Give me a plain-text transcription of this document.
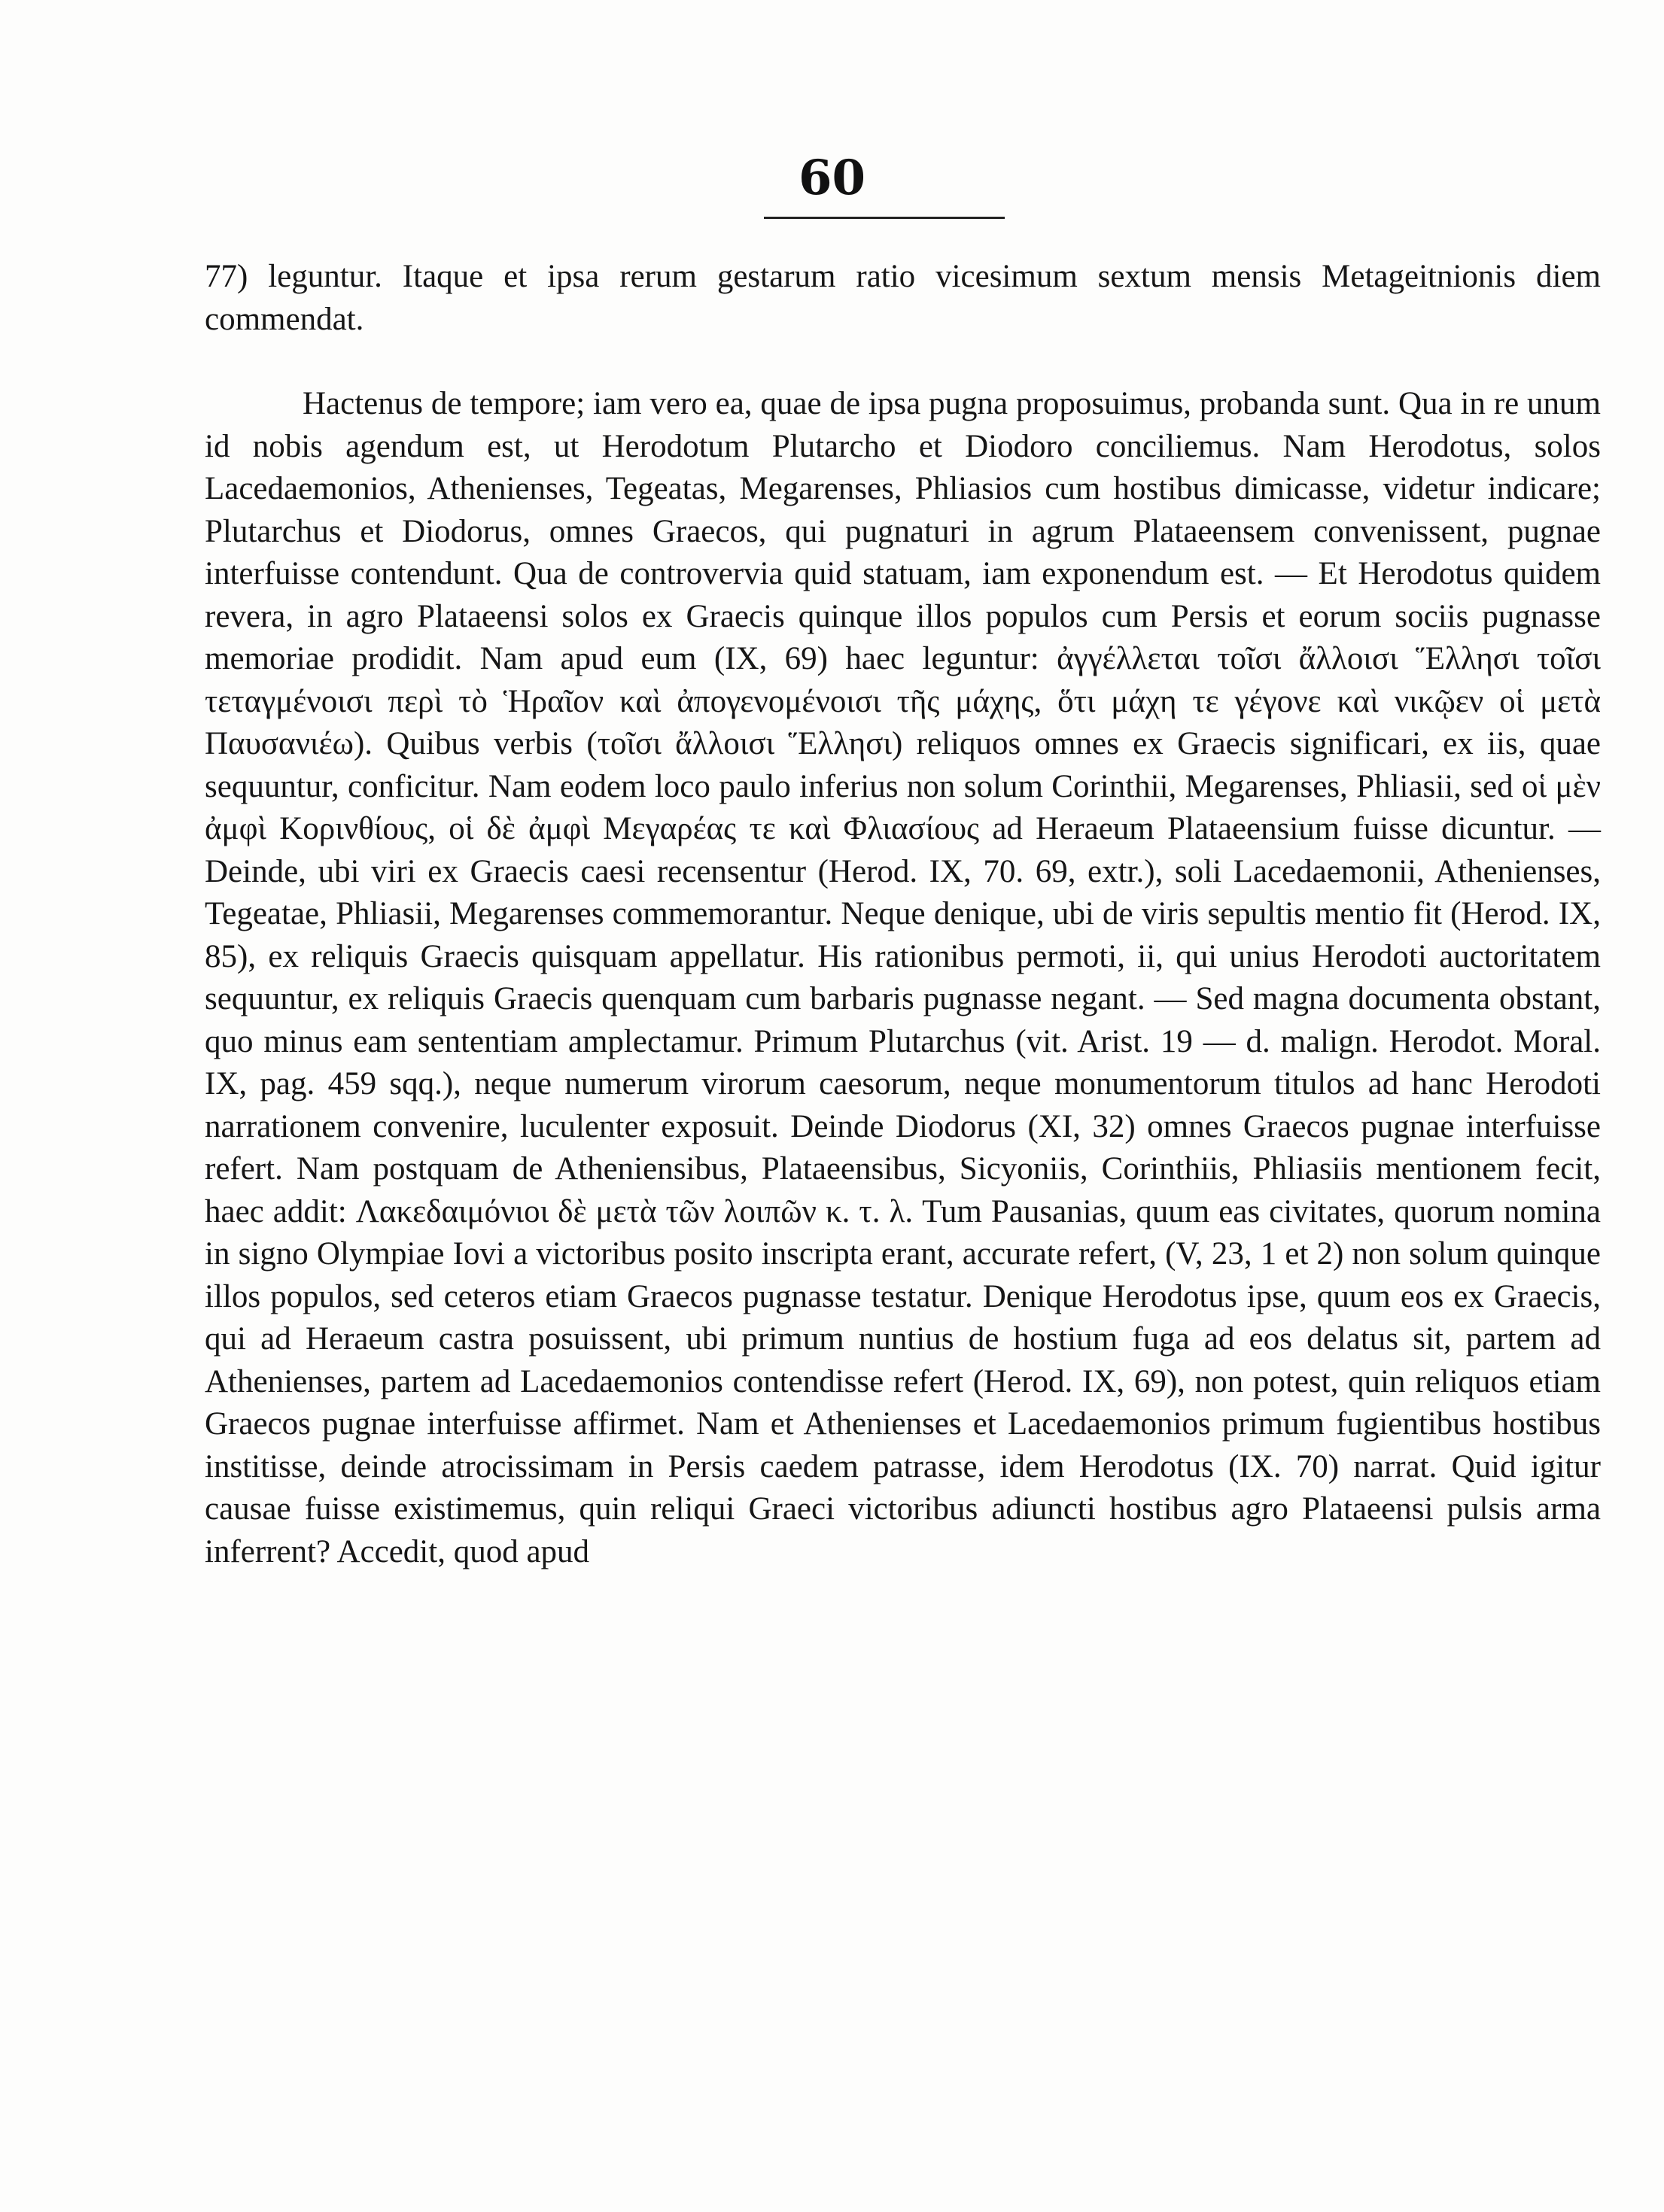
60

77) leguntur. Itaque et ipsa rerum gestarum ratio vicesimum sextum mensis Metageitnionis diem commendat.

Hactenus de tempore; iam vero ea, quae de ipsa pugna proposuimus, probanda sunt. Qua in re unum id nobis agendum est, ut Herodotum Plutarcho et Diodoro conciliemus. Nam Herodotus, solos Lacedaemonios, Athenienses, Tegeatas, Megarenses, Phliasios cum hostibus dimicasse, videtur indicare; Plutarchus et Diodorus, omnes Graecos, qui pugnaturi in agrum Plataeensem convenissent, pugnae interfuisse contendunt. Qua de controvervia quid statuam, iam exponendum est. — Et Herodotus quidem revera, in agro Plataeensi solos ex Graecis quinque illos populos cum Persis et eorum sociis pugnasse memoriae prodidit. Nam apud eum (IX, 69) haec leguntur: ἀγγέλλεται τοῖσι ἄλλοισι Ἕλλησι τοῖσι τεταγμένοισι περὶ τὸ Ἡραῖον καὶ ἀπογενομένοισι τῆς μάχης, ὅτι μάχη τε γέγονε καὶ νικῷεν οἱ μετὰ Παυσανιέω). Quibus verbis (τοῖσι ἄλλοισι Ἕλλησι) reliquos omnes ex Graecis significari, ex iis, quae sequuntur, conficitur. Nam eodem loco paulo inferius non solum Corinthii, Megarenses, Phliasii, sed οἱ μὲν ἀμφὶ Κορινθίους, οἱ δὲ ἀμφὶ Μεγαρέας τε καὶ Φλιασίους ad Heraeum Plataeensium fuisse dicuntur. — Deinde, ubi viri ex Graecis caesi recensentur (Herod. IX, 70. 69, extr.), soli Lacedaemonii, Athenienses, Tegeatae, Phliasii, Megarenses commemorantur. Neque denique, ubi de viris sepultis mentio fit (Herod. IX, 85), ex reliquis Graecis quisquam appellatur. His rationibus permoti, ii, qui unius Herodoti auctoritatem sequuntur, ex reliquis Graecis quenquam cum barbaris pugnasse negant. — Sed magna documenta obstant, quo minus eam sententiam amplectamur. Primum Plutarchus (vit. Arist. 19 — d. malign. Herodot. Moral. IX, pag. 459 sqq.), neque numerum virorum caesorum, neque monumentorum titulos ad hanc Herodoti narrationem convenire, luculenter exposuit. Deinde Diodorus (XI, 32) omnes Graecos pugnae interfuisse refert. Nam postquam de Atheniensibus, Plataeensibus, Sicyoniis, Corinthiis, Phliasiis mentionem fecit, haec addit: Λακεδαιμόνιοι δὲ μετὰ τῶν λοιπῶν κ. τ. λ. Tum Pausanias, quum eas civitates, quorum nomina in signo Olympiae Iovi a victoribus posito inscripta erant, accurate refert, (V, 23, 1 et 2) non solum quinque illos populos, sed ceteros etiam Graecos pugnasse testatur. Denique Herodotus ipse, quum eos ex Graecis, qui ad Heraeum castra posuissent, ubi primum nuntius de hostium fuga ad eos delatus sit, partem ad Athenienses, partem ad Lacedaemonios contendisse refert (Herod. IX, 69), non potest, quin reliquos etiam Graecos pugnae interfuisse affirmet. Nam et Athenienses et Lacedaemonios primum fugientibus hostibus institisse, deinde atrocissimam in Persis caedem patrasse, idem Herodotus (IX. 70) narrat. Quid igitur causae fuisse existimemus, quin reliqui Graeci victoribus adiuncti hostibus agro Plataeensi pulsis arma inferrent? Accedit, quod apud
